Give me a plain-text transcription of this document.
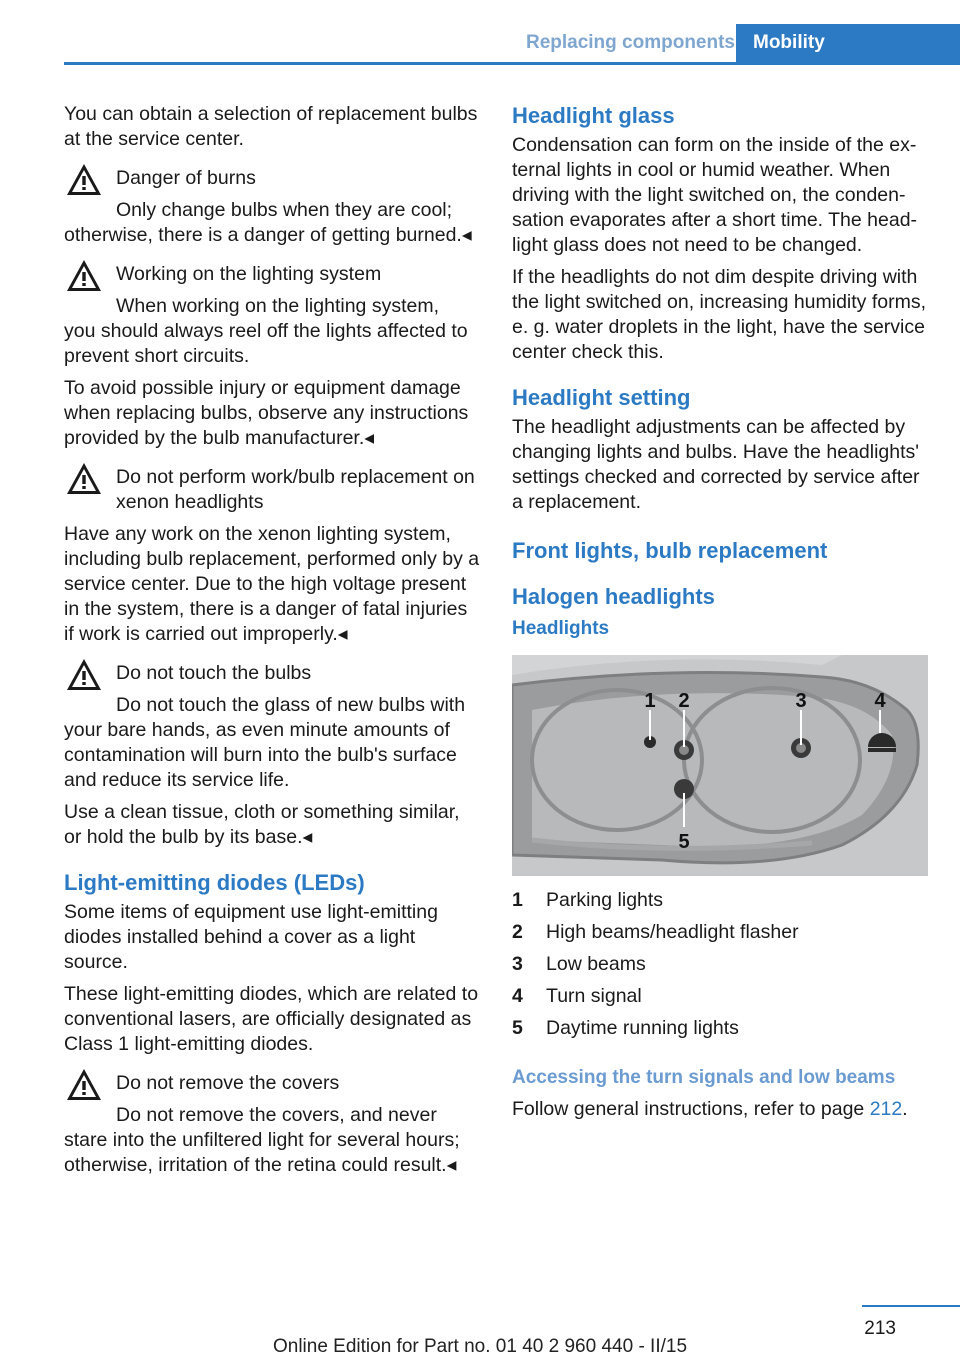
Replacing components Mobility

You can obtain a selection of replacement bulbs at the service center.

Danger of burns

Only change bulbs when they are cool;

otherwise, there is a danger of getting burned.◂

Working on the lighting system

When working on the lighting system,

you should always reel off the lights affected to prevent short circuits.

To avoid possible injury or equipment damage when replacing bulbs, observe any instructions provided by the bulb manufacturer.◂

Do not perform work/bulb replacement on xenon headlights

Have any work on the xenon lighting system, including bulb replacement, performed only by a service center. Due to the high voltage present in the system, there is a danger of fatal injuries if work is carried out improperly.◂

Do not touch the bulbs

Do not touch the glass of new bulbs with

your bare hands, as even minute amounts of contamination will burn into the bulb's surface and reduce its service life.

Use a clean tissue, cloth or something similar, or hold the bulb by its base.◂

Light-emitting diodes (LEDs)

Some items of equipment use light-emitting diodes installed behind a cover as a light source.

These light-emitting diodes, which are related to conventional lasers, are officially designated as Class 1 light-emitting diodes.

Do not remove the covers

Do not remove the covers, and never

stare into the unfiltered light for several hours; otherwise, irritation of the retina could result.◂

Headlight glass

Condensation can form on the inside of the external lights in cool or humid weather. When driving with the light switched on, the condensation evaporates after a short time. The headlight glass does not need to be changed.

If the headlights do not dim despite driving with the light switched on, increasing humidity forms, e. g. water droplets in the light, have the service center check this.

Headlight setting

The headlight adjustments can be affected by changing lights and bulbs. Have the headlights' settings checked and corrected by service after a replacement.

Front lights, bulb replacement
Halogen headlights
Headlights
1 2	3	4
5
1	Parking lights
2	High beams/headlight flasher
3	Low beams
4	Turn signal
5	Daytime running lights
Accessing the turn signals and low beams

Follow general instructions, refer to page 212.

213
Online Edition for Part no. 01 40 2 960 440 - II/15
